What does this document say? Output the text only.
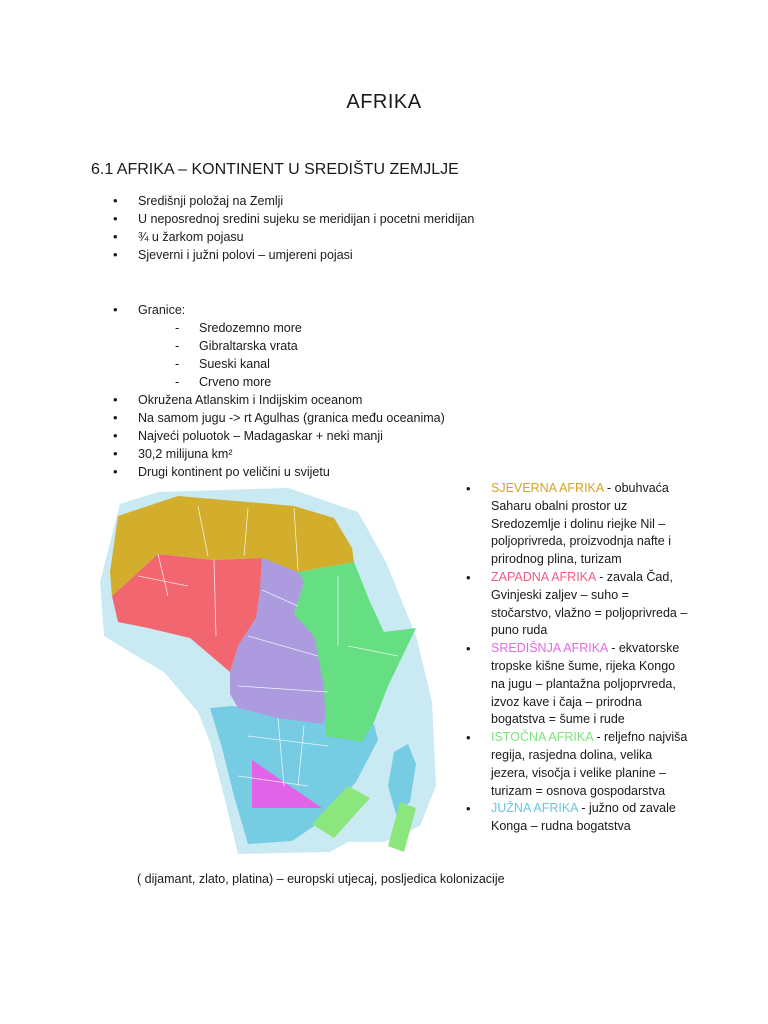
AFRIKA
6.1 AFRIKA – KONTINENT U SREDIŠTU ZEMJLJE
• Središnji položaj na Zemlji
• U neposrednoj sredini sujeku se meridijan i pocetni meridijan
• ¾ u žarkom pojasu
• Sjeverni i južni polovi – umjereni pojasi
• Granice:
- Sredozemno more
- Gibraltarska vrata
- Sueski kanal
- Crveno more
• Okružena Atlanskim i Indijskim oceanom
• Na samom jugu -> rt Agulhas (granica među oceanima)
• Najveći poluotok – Madagaskar + neki manji
• 30,2 milijuna km²
• Drugi kontinent po veličini u svijetu
• SJEVERNA AFRIKA - obuhvaća Saharu obalni prostor uz Sredozemlje i dolinu riejke Nil – poljoprivreda, proizvodnja nafte i prirodnog plina, turizam
• ZAPADNA AFRIKA - zavala Čad, Gvinjeski zaljev – suho = stočarstvo, vlažno = poljoprivreda – puno ruda
• SREDIŠNJA AFRIKA - ekvatorske tropske kišne šume, rijeka Kongo na jugu – plantažna poljoprvreda, izvoz kave i čaja – prirodna bogatstva = šume i rude
• ISTOČNA AFRIKA - reljefno najviša regija, rasjedna dolina, velika jezera, visočja i velike planine – turizam = osnova gospodarstva
• JUŽNA AFRIKA - južno od zavale Konga – rudna bogatstva
( dijamant, zlato, platina) – europski utjecaj, posljedica kolonizacije
